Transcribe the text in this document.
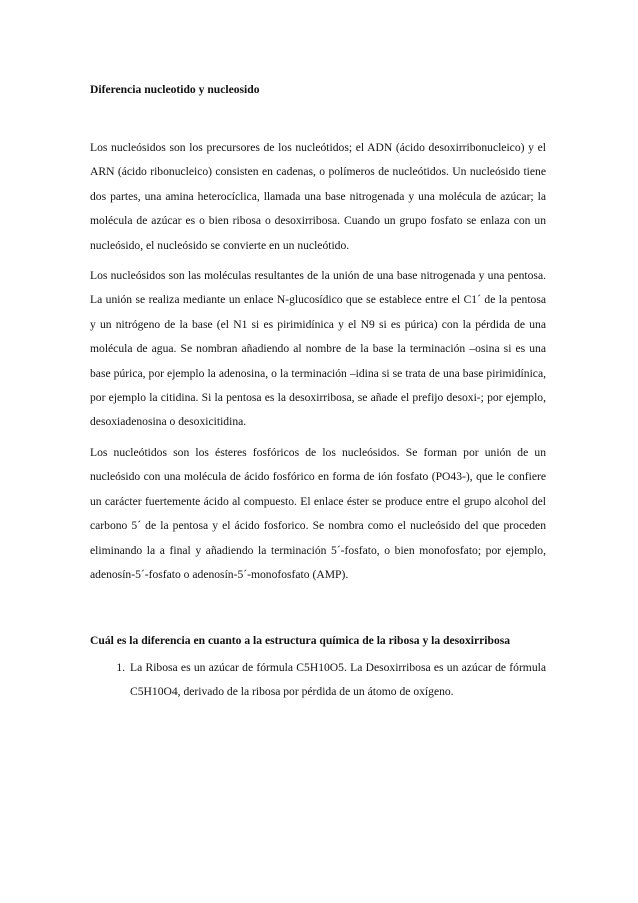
Diferencia nucleotido y nucleosido

Los nucleósidos son los precursores de los nucleótidos; el ADN (ácido desoxirribonucleico) y el ARN (ácido ribonucleico) consisten en cadenas, o polímeros de nucleótidos. Un nucleósido tiene dos partes, una amina heterocíclica, llamada una base nitrogenada y una molécula de azúcar; la molécula de azúcar es o bien ribosa o desoxirribosa. Cuando un grupo fosfato se enlaza con un nucleósido, el nucleósido se convierte en un nucleótido.

Los nucleósidos son las moléculas resultantes de la unión de una base nitrogenada y una pentosa. La unión se realiza mediante un enlace N-glucosídico que se establece entre el C1´ de la pentosa y un nitrógeno de la base (el N1 si es pirimidínica y el N9 si es púrica) con la pérdida de una molécula de agua. Se nombran añadiendo al nombre de la base la terminación –osina si es una base púrica, por ejemplo la adenosina, o la terminación –idina si se trata de una base pirimidínica, por ejemplo la citidina. Si la pentosa es la desoxirribosa, se añade el prefijo desoxi-; por ejemplo, desoxiadenosina o desoxicitidina.

Los nucleótidos son los ésteres fosfóricos de los nucleósidos. Se forman por unión de un nucleósido con una molécula de ácido fosfórico en forma de ión fosfato (PO43-), que le confiere un carácter fuertemente ácido al compuesto. El enlace éster se produce entre el grupo alcohol del carbono 5´ de la pentosa y el ácido fosforico. Se nombra como el nucleósido del que proceden eliminando la a final y añadiendo la terminación 5´-fosfato, o bien monofosfato; por ejemplo, adenosín-5´-fosfato o adenosín-5´-monofosfato (AMP).

Cuál es la diferencia en cuanto a la estructura química de la ribosa y la desoxirribosa
1. La Ribosa es un azúcar de fórmula C5H10O5. La Desoxirribosa es un azúcar de fórmula C5H10O4, derivado de la ribosa por pérdida de un átomo de oxígeno.
